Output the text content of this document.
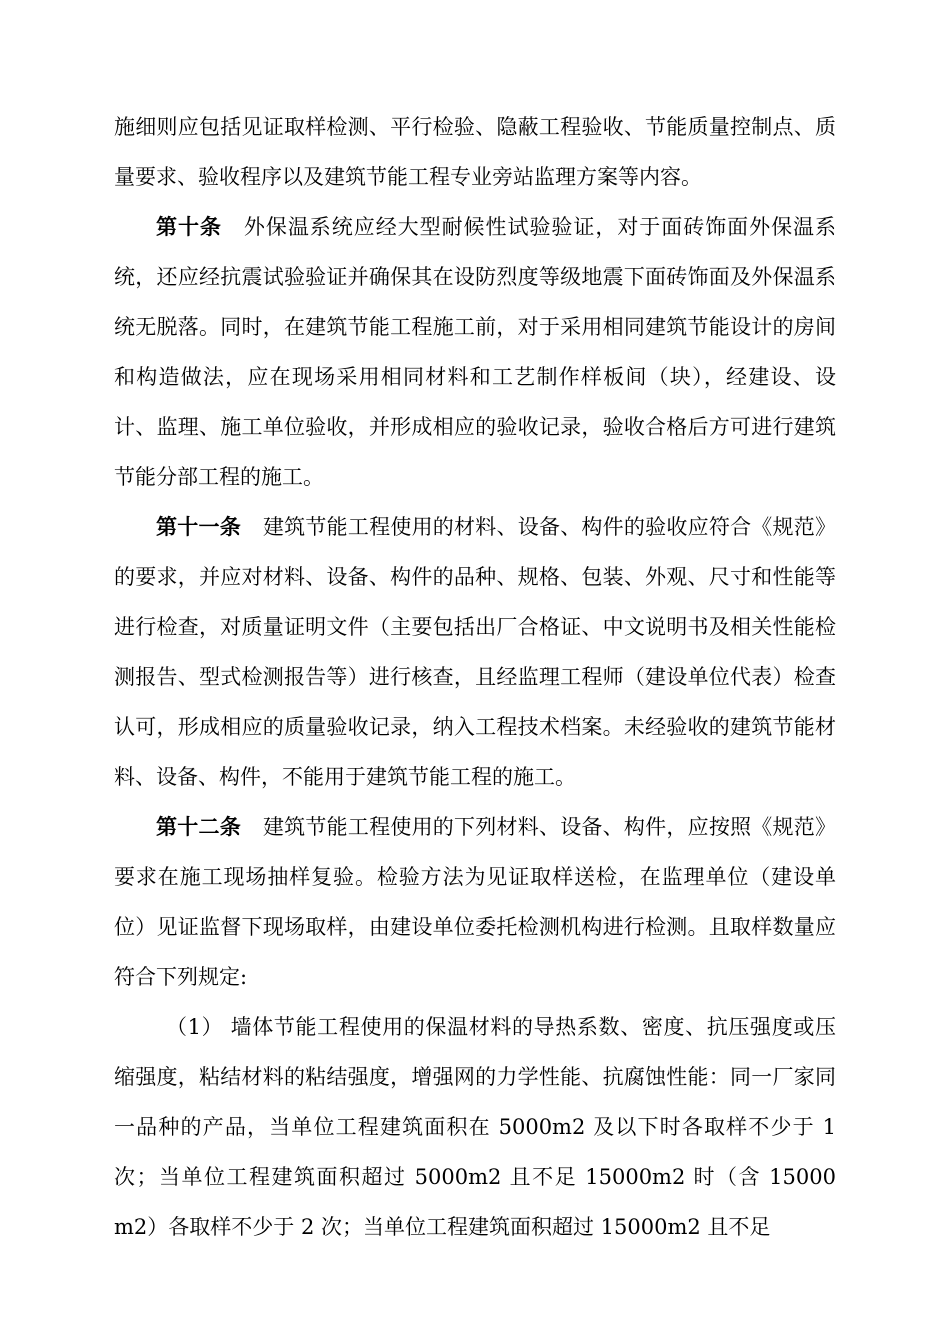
施细则应包括见证取样检测、平行检验、隐蔽工程验收、节能质量控制点、质量要求、验收程序以及建筑节能工程专业旁站监理方案等内容。

第十条 外保温系统应经大型耐候性试验验证，对于面砖饰面外保温系统，还应经抗震试验验证并确保其在设防烈度等级地震下面砖饰面及外保温系统无脱落。同时，在建筑节能工程施工前，对于采用相同建筑节能设计的房间和构造做法，应在现场采用相同材料和工艺制作样板间（块），经建设、设计、监理、施工单位验收，并形成相应的验收记录，验收合格后方可进行建筑节能分部工程的施工。

第十一条 建筑节能工程使用的材料、设备、构件的验收应符合《规范》的要求，并应对材料、设备、构件的品种、规格、包装、外观、尺寸和性能等进行检查，对质量证明文件（主要包括出厂合格证、中文说明书及相关性能检测报告、型式检测报告等）进行核查，且经监理工程师（建设单位代表）检查认可，形成相应的质量验收记录，纳入工程技术档案。未经验收的建筑节能材料、设备、构件，不能用于建筑节能工程的施工。

第十二条 建筑节能工程使用的下列材料、设备、构件，应按照《规范》要求在施工现场抽样复验。检验方法为见证取样送检，在监理单位（建设单位）见证监督下现场取样，由建设单位委托检测机构进行检测。且取样数量应符合下列规定:

（1） 墙体节能工程使用的保温材料的导热系数、密度、抗压强度或压缩强度，粘结材料的粘结强度，增强网的力学性能、抗腐蚀性能：同一厂家同一品种的产品，当单位工程建筑面积在 5000m2 及以下时各取样不少于 1 次；当单位工程建筑面积超过 5000m2 且不足 15000m2 时（含 15000 m2）各取样不少于 2 次；当单位工程建筑面积超过 15000m2 且不足
